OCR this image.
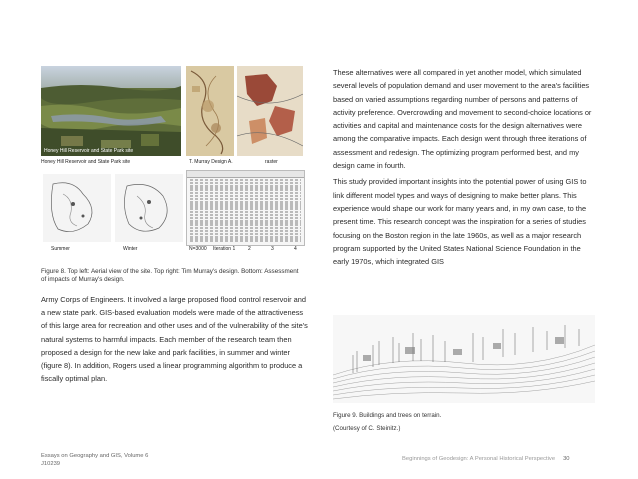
Honey Hill Reservoir and State Park site
Honey Hill Reservoir and State Park site	T. Murray Design A.	raster
Summer	Winter	N=3000 Iteration 1	2	3	4
Figure 8. Top left: Aerial view of the site. Top right: Tim Murray's design. Bottom: Assessment of impacts of Murray's design.

Army Corps of Engineers. It involved a large proposed flood control reservoir and a new state park. GIS-based evaluation models were made of the attractiveness of this large area for recreation and other uses and of the vulnerability of the site's natural systems to harmful impacts. Each member of the research team then proposed a design for the new lake and park facilities, in summer and winter (figure 8). In addition, Rogers used a linear programming algorithm to produce a fiscally optimal plan.

These alternatives were all compared in yet another model, which simulated several levels of population demand and user movement to the area's facilities based on varied assumptions regarding number of persons and patterns of activity preference. Overcrowding and movement to second-choice locations or activities and capital and maintenance costs for the design alternatives were among the comparative impacts. Each design went through three iterations of assessment and redesign. The optimizing program performed best, and my design came in fourth.

This study provided important insights into the potential power of using GIS to link different model types and ways of designing to make better plans. This experience would shape our work for many years and, in my own case, to the present time. This research concept was the inspiration for a series of studies focusing on the Boston region in the late 1960s, as well as a major research program supported by the United States National Science Foundation in the early 1970s, which integrated GIS

Figure 9. Buildings and trees on terrain.
(Courtesy of C. Steinitz.)
Essays on Geography and GIS, Volume 6
J10239
Beginnings of Geodesign: A Personal Historical Perspective 30
